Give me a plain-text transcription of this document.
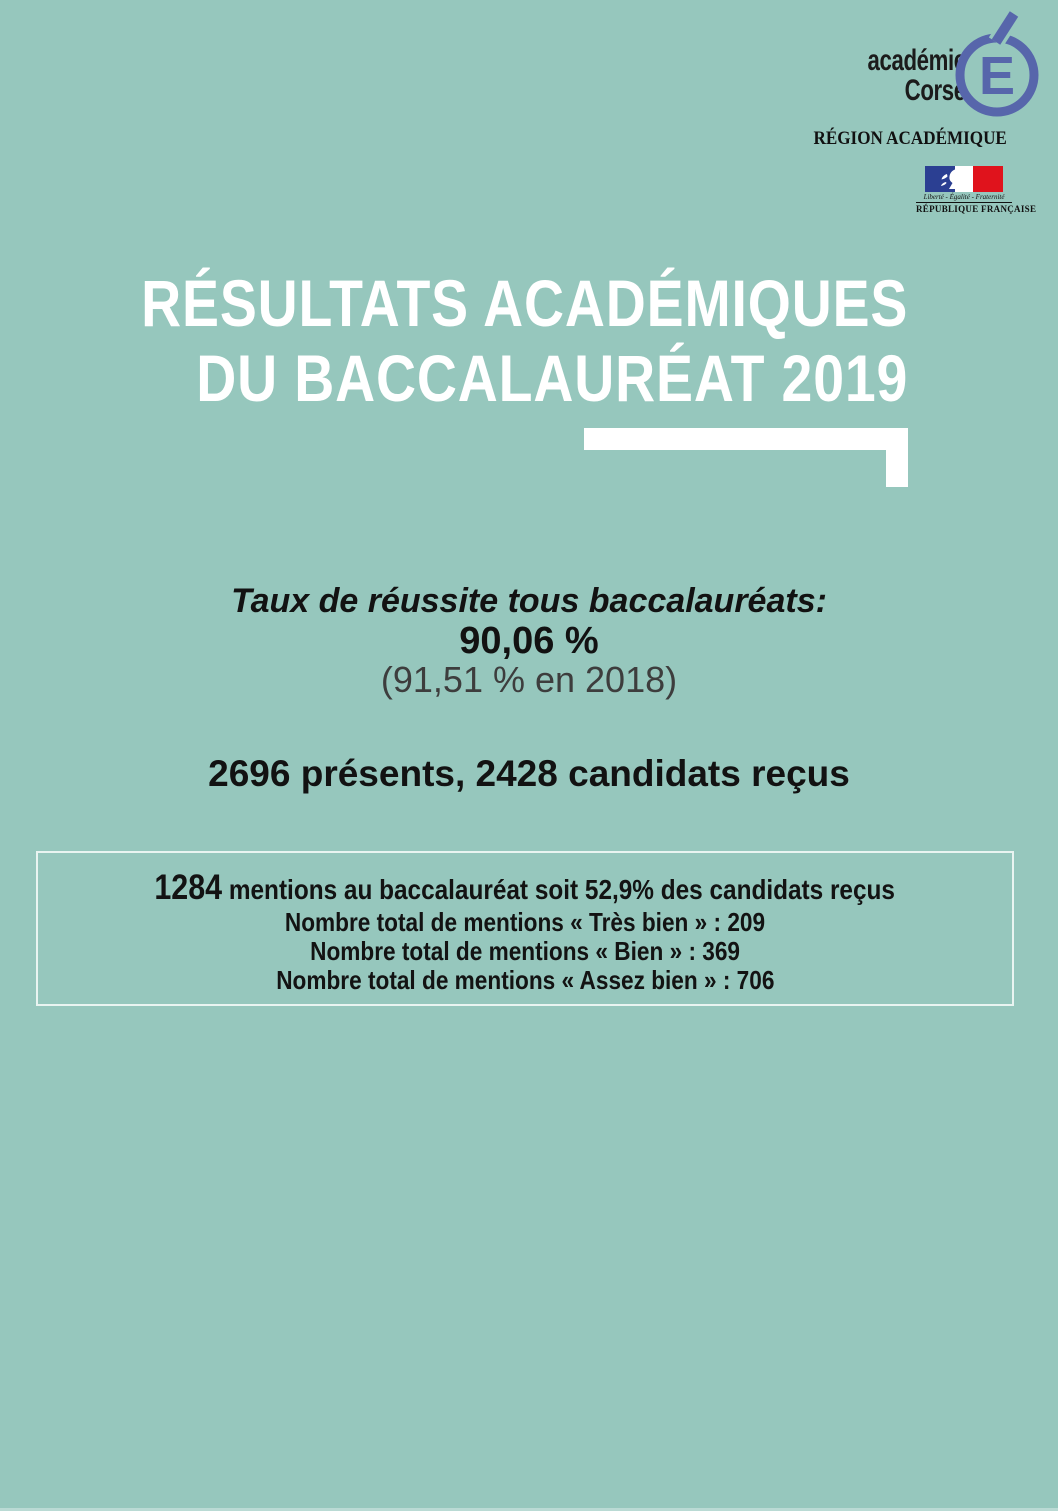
académie
Corse E
RÉGION ACADÉMIQUE
Liberté - Égalité - Fraternité
RÉPUBLIQUE FRANÇAISE
RÉSULTATS ACADÉMIQUES
DU BACCALAURÉAT 2019
Taux de réussite tous baccalauréats:
90,06 %
(91,51 % en 2018)
2696 présents, 2428 candidats reçus
1284 mentions au baccalauréat soit 52,9% des candidats reçus
Nombre total de mentions « Très bien » : 209
Nombre total de mentions « Bien » : 369
Nombre total de mentions « Assez bien » : 706
